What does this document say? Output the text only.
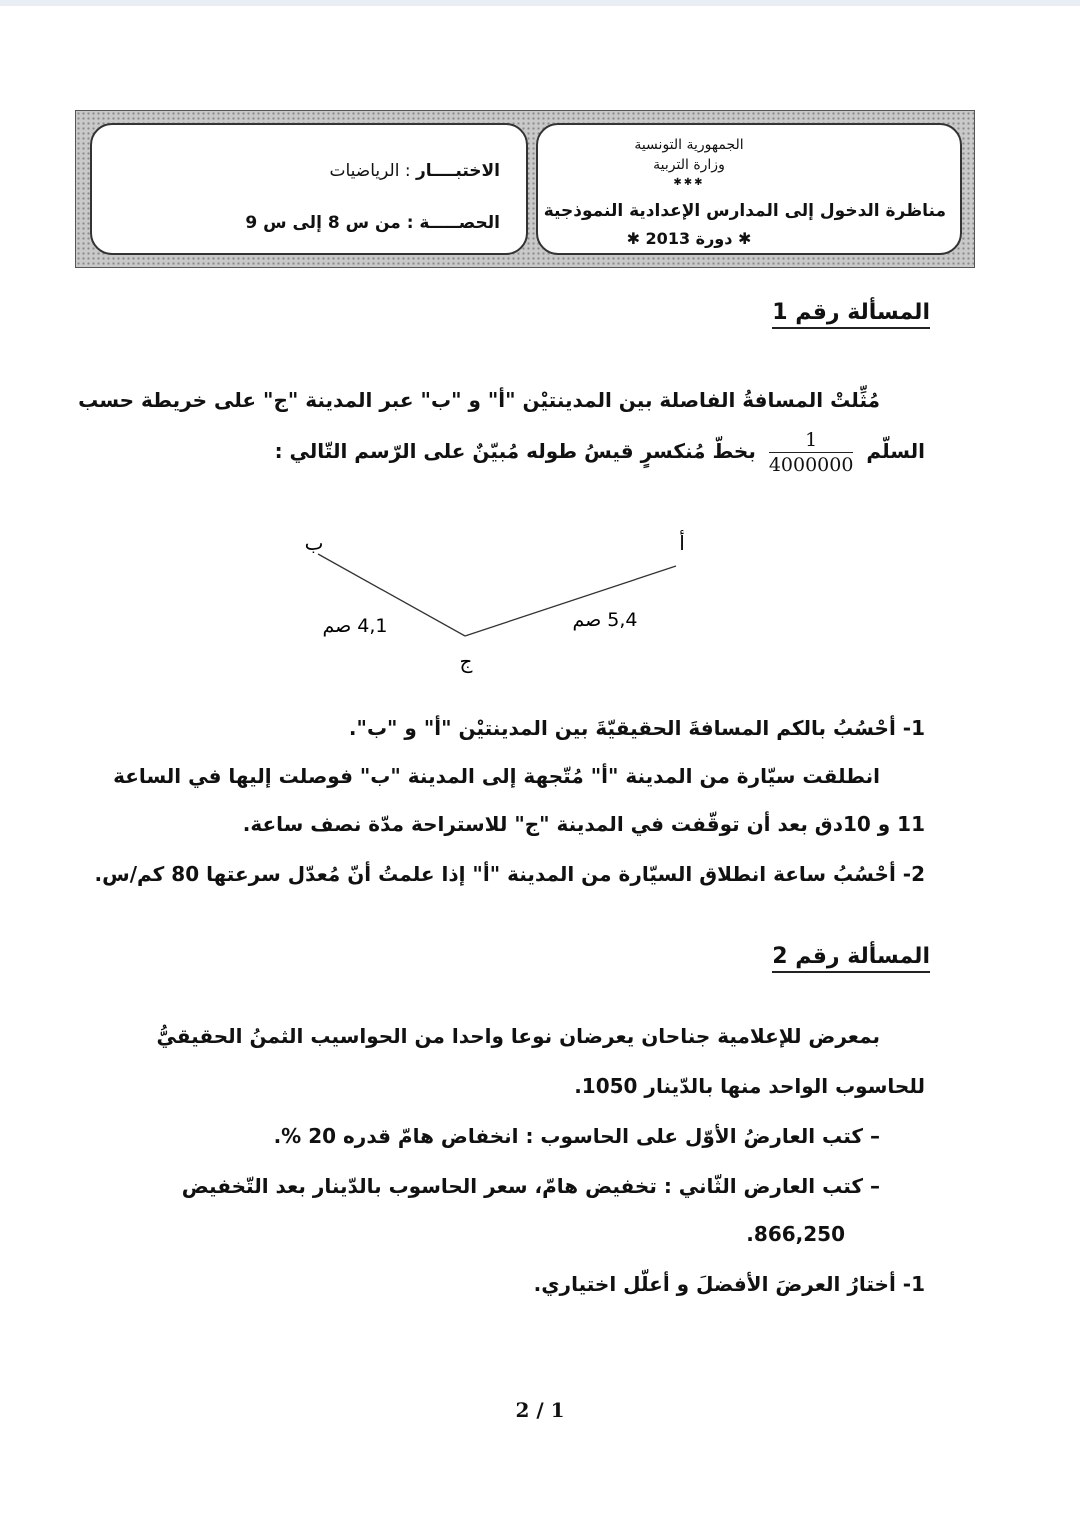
الجمهورية التونسية
وزارة التربية
✱✱✱
مناظرة الدخول إلى المدارس الإعدادية النموذجية
✱ دورة 2013 ✱
الاختبــــار : الرياضيات
الحصـــــة : من س 8 إلى س 9
المسألة رقم 1
مُثِّلتْ المسافةُ الفاصلة بين المدينتيْن "أ" و "ب" عبر المدينة "ج" على خريطة حسب
السلّم
$\frac{1}{4000000}$
بخطّ مُنكسرٍ قيسُ طوله مُبيّنٌ على الرّسم التّالي :
ب	أ
ج
4,1 صم	5,4 صم
1- أحْسُبُ بالكم المسافةَ الحقيقيّةَ بين المدينتيْن "أ" و "ب".
انطلقت سيّارة من المدينة "أ" مُتّجهة إلى المدينة "ب" فوصلت إليها في الساعة
11 و 10دق بعد أن توقّفت في المدينة "ج" للاستراحة مدّة نصف ساعة.
2- أحْسُبُ ساعة انطلاق السيّارة من المدينة "أ" إذا علمتُ أنّ مُعدّل سرعتها 80 كم/س.
المسألة رقم 2
بمعرض للإعلامية جناحان يعرضان نوعا واحدا من الحواسيب الثمنُ الحقيقيُّ
للحاسوب الواحد منها بالدّينار 1050.
– كتب العارضُ الأوّل على الحاسوب : انخفاض هامّ قدره 20 %.
– كتب العارض الثّاني : تخفيض هامّ، سعر الحاسوب بالدّينار بعد التّخفيض
866,250.
1- أختارُ العرضَ الأفضلَ و أعلّل اختياري.
2 / 1
